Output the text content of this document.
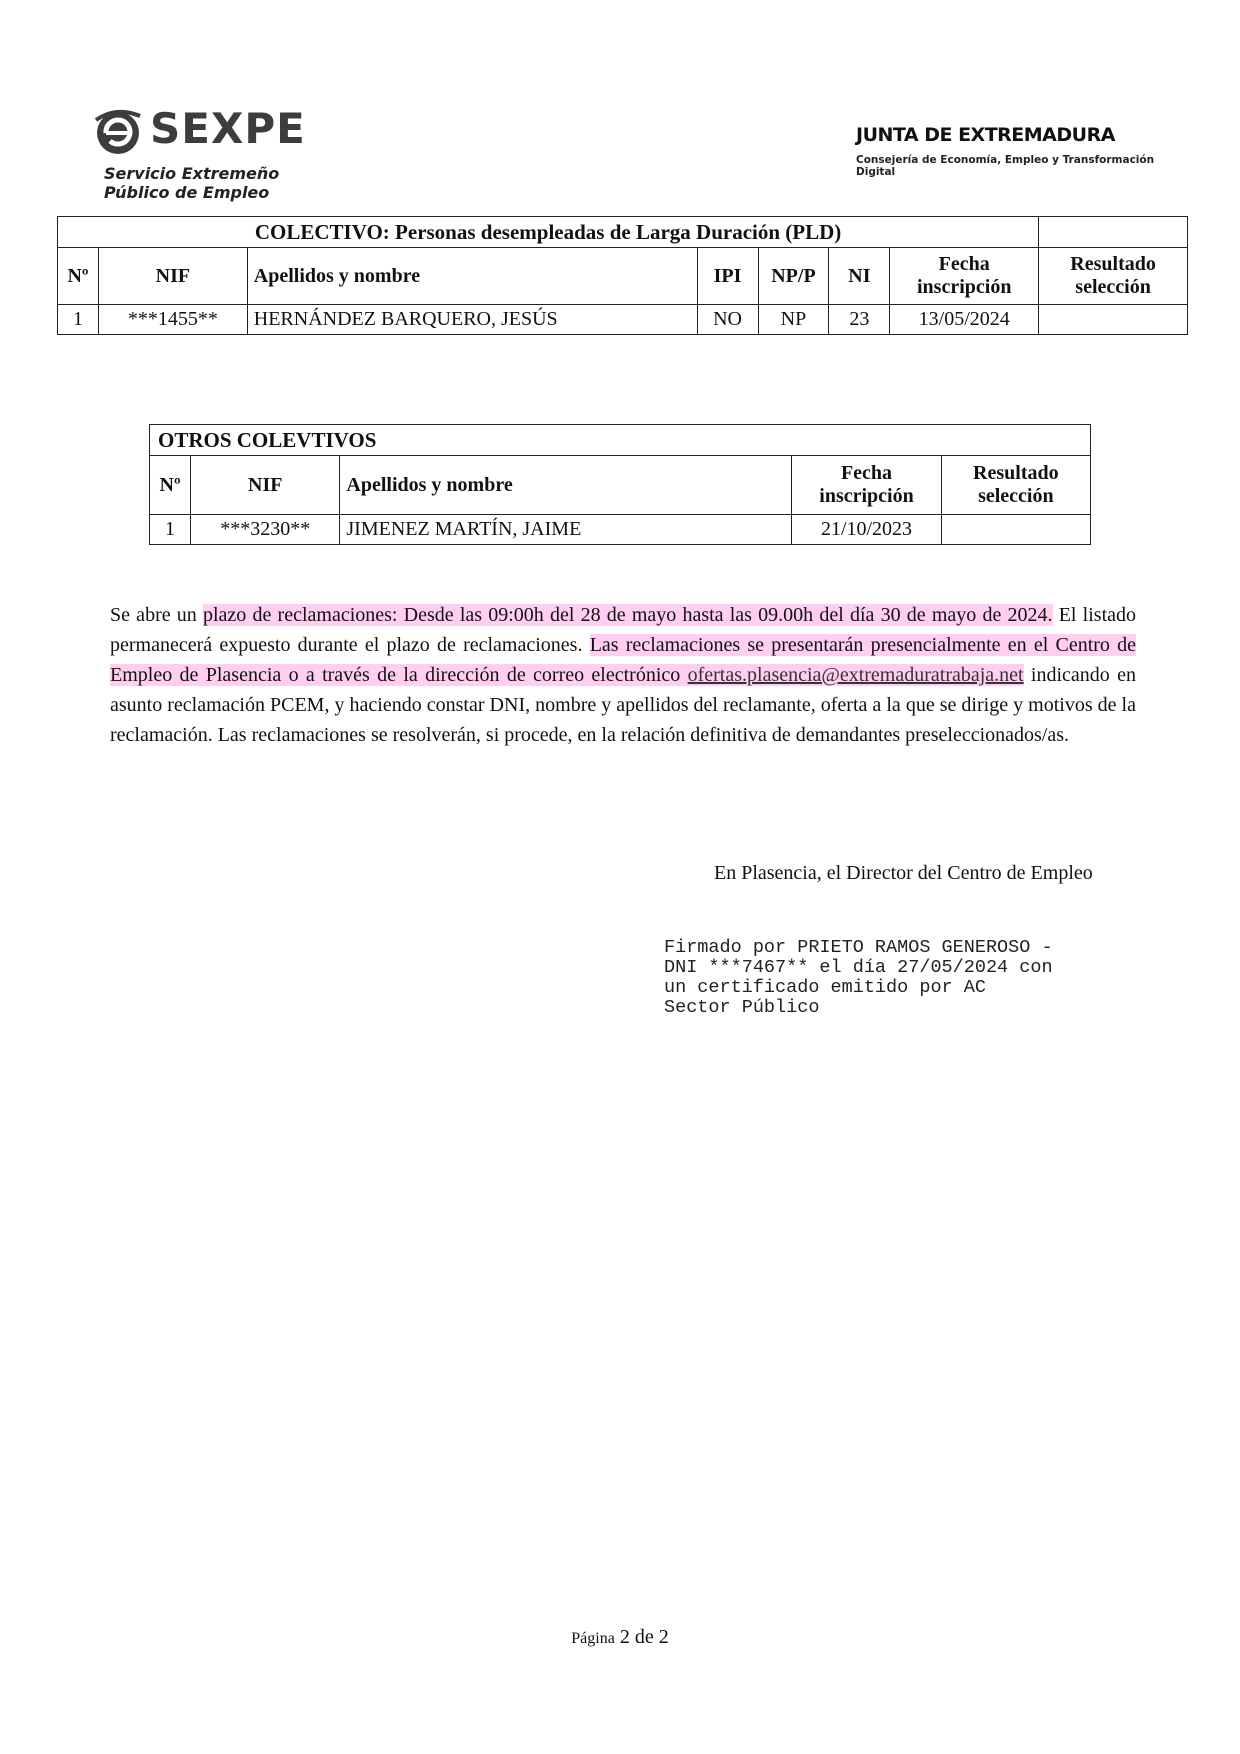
SEXPE
Servicio Extremeño
Público de Empleo
JUNTA DE EXTREMADURA
Consejería de Economía, Empleo y Transformación Digital
COLECTIVO: Personas desempleadas de Larga Duración (PLD)							
Nº	NIF	Apellidos y nombre	IPI	NP/P	NI	Fecha inscripción	Resultado selección
1	***1455**	HERNÁNDEZ BARQUERO, JESÚS	NO	NP	23	13/05/2024	
OTROS COLEVTIVOS				
Nº	NIF	Apellidos y nombre	Fecha inscripción	Resultado selección
1	***3230**	JIMENEZ MARTÍN, JAIME	21/10/2023	
Se abre un plazo de reclamaciones: Desde las 09:00h del 28 de mayo hasta las 09.00h del día 30 de mayo de 2024. El listado permanecerá expuesto durante el plazo de reclamaciones. Las reclamaciones se presentarán presencialmente en el Centro de Empleo de Plasencia o a través de la dirección de correo electrónico ofertas.plasencia@extremaduratrabaja.net indicando en asunto reclamación PCEM, y haciendo constar DNI, nombre y apellidos del reclamante, oferta a la que se dirige y motivos de la reclamación. Las reclamaciones se resolverán, si procede, en la relación definitiva de demandantes preseleccionados/as.
En Plasencia, el Director del Centro de Empleo
Firmado por PRIETO RAMOS GENEROSO -
DNI ***7467** el día 27/05/2024 con
un certificado emitido por AC
Sector Público
Página 2 de 2
